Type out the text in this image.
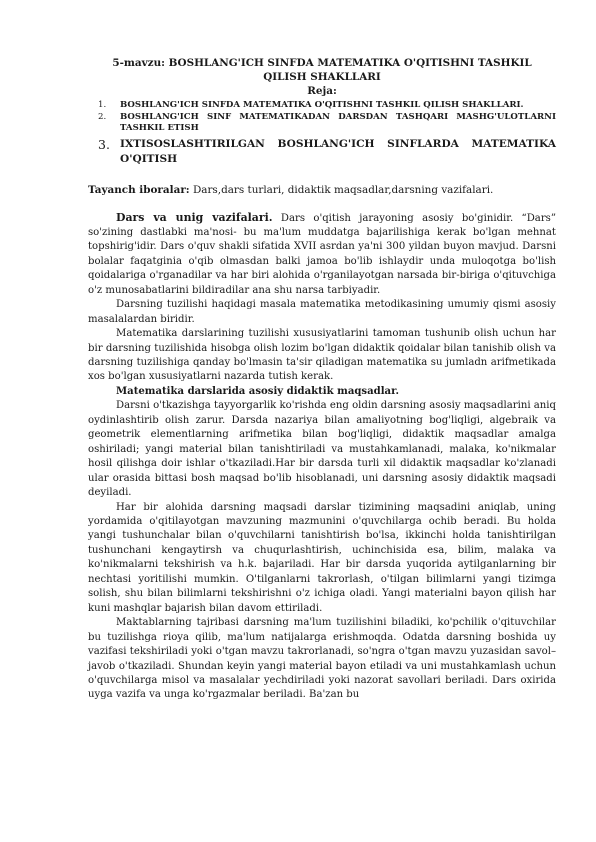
5-mavzu: BOSHLANG'ICH SINFDA MATEMATIKA O'QITISHNI TASHKIL QILISH SHAKLLARI
Reja:
1. BOSHLANG'ICH SINFDA MATEMATIKA O'QITISHNI TASHKIL QILISH SHAKLLARI.
2. BOSHLANG'ICH SINF MATEMATIKADAN DARSDAN TASHQARI MASHG'ULOTLARNI TASHKIL ETISH
3. IXTISOSLASHTIRILGAN BOSHLANG'ICH SINFLARDA MATEMATIKA O'QITISH
Tayanch iboralar: Dars,dars turlari, didaktik maqsadlar,darsning vazifalari.

Dars va unig vazifalari. Dars o'qitish jarayoning asosiy bo'ginidir. “Dars” so'zining dastlabki ma'nosi- bu ma'lum muddatga bajarilishiga kerak bo'lgan mehnat topshirig'idir. Dars o'quv shakli sifatida XVII asrdan ya'ni 300 yildan buyon mavjud. Darsni bolalar faqatginia o'qib olmasdan balki jamoa bo'lib ishlaydir unda muloqotga bo'lish qoidalariga o'rganadilar va har biri alohida o'rganilayotgan narsada bir-biriga o'qituvchiga o'z munosabatlarini bildiradilar ana shu narsa tarbiyadir.

Darsning tuzilishi haqidagi masala matematika metodikasining umumiy qismi asosiy masalalardan biridir.

Matematika darslarining tuzilishi xususiyatlarini tamoman tushunib olish uchun har bir darsning tuzilishida hisobga olish lozim bo'lgan didaktik qoidalar bilan tanishib olish va darsning tuzilishiga qanday bo'lmasin ta'sir qiladigan matematika su jumladn arifmetikada xos bo'lgan xususiyatlarni nazarda tutish kerak.

Matematika darslarida asosiy didaktik maqsadlar.

Darsni o'tkazishga tayyorgarlik ko'rishda eng oldin darsning asosiy maqsadlarini aniq oydinlashtirib olish zarur. Darsda nazariya bilan amaliyotning bog'liqligi, algebraik va geometrik elementlarning arifmetika bilan bog'liqligi, didaktik maqsadlar amalga oshiriladi; yangi material bilan tanishtiriladi va mustahkamlanadi, malaka, ko'nikmalar hosil qilishga doir ishlar o'tkaziladi.Har bir darsda turli xil didaktik maqsadlar ko'zlanadi ular orasida bittasi bosh maqsad bo'lib hisoblanadi, uni darsning asosiy didaktik maqsadi deyiladi.

Har bir alohida darsning maqsadi darslar tizimining maqsadini aniqlab, uning yordamida o'qitilayotgan mavzuning mazmunini o'quvchilarga ochib beradi. Bu holda yangi tushunchalar bilan o'quvchilarni tanishtirish bo'lsa, ikkinchi holda tanishtirilgan tushunchani kengaytirsh va chuqurlashtirish, uchinchisida esa, bilim, malaka va ko'nikmalarni tekshirish va h.k. bajariladi. Har bir darsda yuqorida aytilganlarning bir nechtasi yoritilishi mumkin. O'tilganlarni takrorlash, o'tilgan bilimlarni yangi tizimga solish, shu bilan bilimlarni tekshirishni o'z ichiga oladi. Yangi materialni bayon qilish har kuni mashqlar bajarish bilan davom ettiriladi.

Maktablarning tajribasi darsning ma'lum tuzilishini biladiki, ko'pchilik o'qituvchilar bu tuzilishga rioya qilib, ma'lum natijalarga erishmoqda. Odatda darsning boshida uy vazifasi tekshiriladi yoki o'tgan mavzu takrorlanadi, so'ngra o'tgan mavzu yuzasidan savol–javob o'tkaziladi. Shundan keyin yangi material bayon etiladi va uni mustahkamlash uchun o'quvchilarga misol va masalalar yechdiriladi yoki nazorat savollari beriladi. Dars oxirida uyga vazifa va unga ko'rgazmalar beriladi. Ba'zan bu
